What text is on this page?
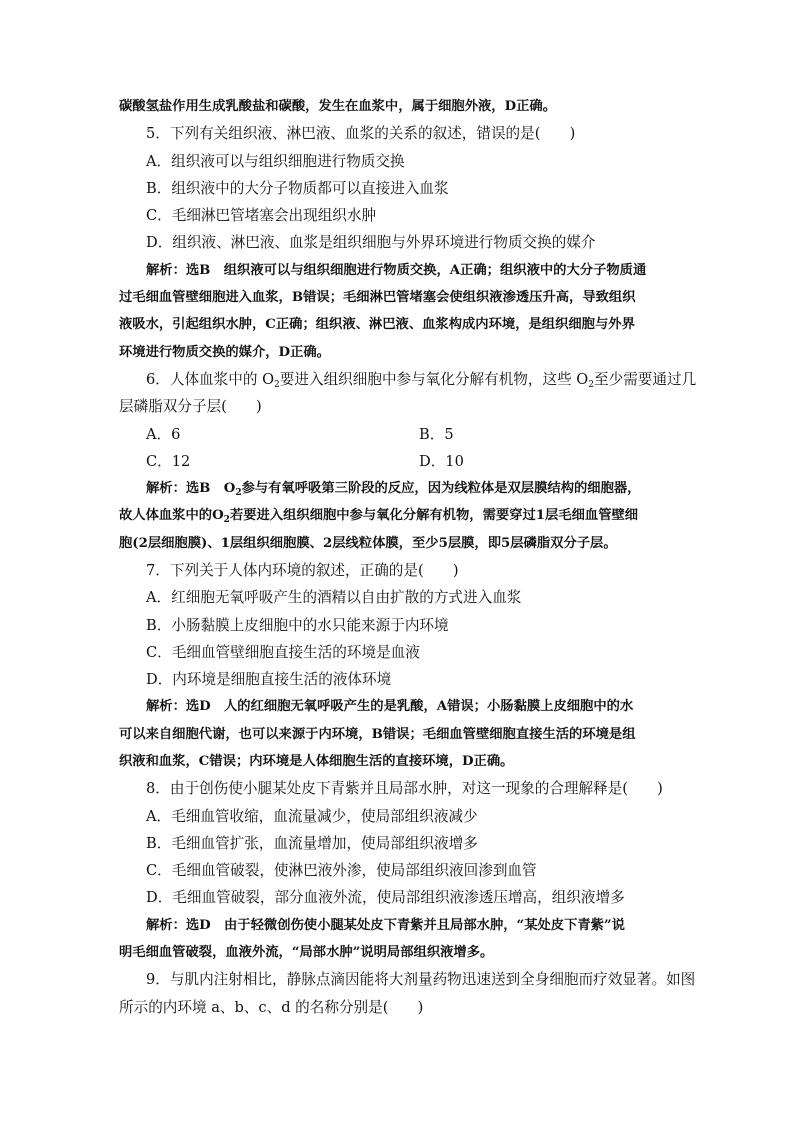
碳酸氢盐作用生成乳酸盐和碳酸，发生在血浆中，属于细胞外液，D正确。
5．下列有关组织液、淋巴液、血浆的关系的叙述，错误的是(　　)
A．组织液可以与组织细胞进行物质交换
B．组织液中的大分子物质都可以直接进入血浆
C．毛细淋巴管堵塞会出现组织水肿
D．组织液、淋巴液、血浆是组织细胞与外界环境进行物质交换的媒介
解析：选B　组织液可以与组织细胞进行物质交换，A正确；组织液中的大分子物质通
过毛细血管壁细胞进入血浆，B错误；毛细淋巴管堵塞会使组织液渗透压升高，导致组织
液吸水，引起组织水肿，C正确；组织液、淋巴液、血浆构成内环境，是组织细胞与外界
环境进行物质交换的媒介，D正确。
6．人体血浆中的 $O_2$要进入组织细胞中参与氧化分解有机物，这些 $O_2$至少需要通过几
层磷脂双分子层(　　)
A．6	B．5
C．12	D．10
解析：选B　$O_2$参与有氧呼吸第三阶段的反应，因为线粒体是双层膜结构的细胞器，
故人体血浆中的$O_2$若要进入组织细胞中参与氧化分解有机物，需要穿过1层毛细血管壁细
胞(2层细胞膜)、1层组织细胞膜、2层线粒体膜，至少5层膜，即5层磷脂双分子层。
7．下列关于人体内环境的叙述，正确的是(　　)
A．红细胞无氧呼吸产生的酒精以自由扩散的方式进入血浆
B．小肠黏膜上皮细胞中的水只能来源于内环境
C．毛细血管壁细胞直接生活的环境是血液
D．内环境是细胞直接生活的液体环境
解析：选D　人的红细胞无氧呼吸产生的是乳酸，A错误；小肠黏膜上皮细胞中的水
可以来自细胞代谢，也可以来源于内环境，B错误；毛细血管壁细胞直接生活的环境是组
织液和血浆，C错误；内环境是人体细胞生活的直接环境，D正确。
8．由于创伤使小腿某处皮下青紫并且局部水肿，对这一现象的合理解释是(　　)
A．毛细血管收缩，血流量减少，使局部组织液减少
B．毛细血管扩张，血流量增加，使局部组织液增多
C．毛细血管破裂，使淋巴液外渗，使局部组织液回渗到血管
D．毛细血管破裂，部分血液外流，使局部组织液渗透压增高，组织液增多
解析：选D　由于轻微创伤使小腿某处皮下青紫并且局部水肿，“某处皮下青紫”说
明毛细血管破裂，血液外流，“局部水肿”说明局部组织液增多。
9．与肌内注射相比，静脉点滴因能将大剂量药物迅速送到全身细胞而疗效显著。如图
所示的内环境 a、b、c、d 的名称分别是(　　)
